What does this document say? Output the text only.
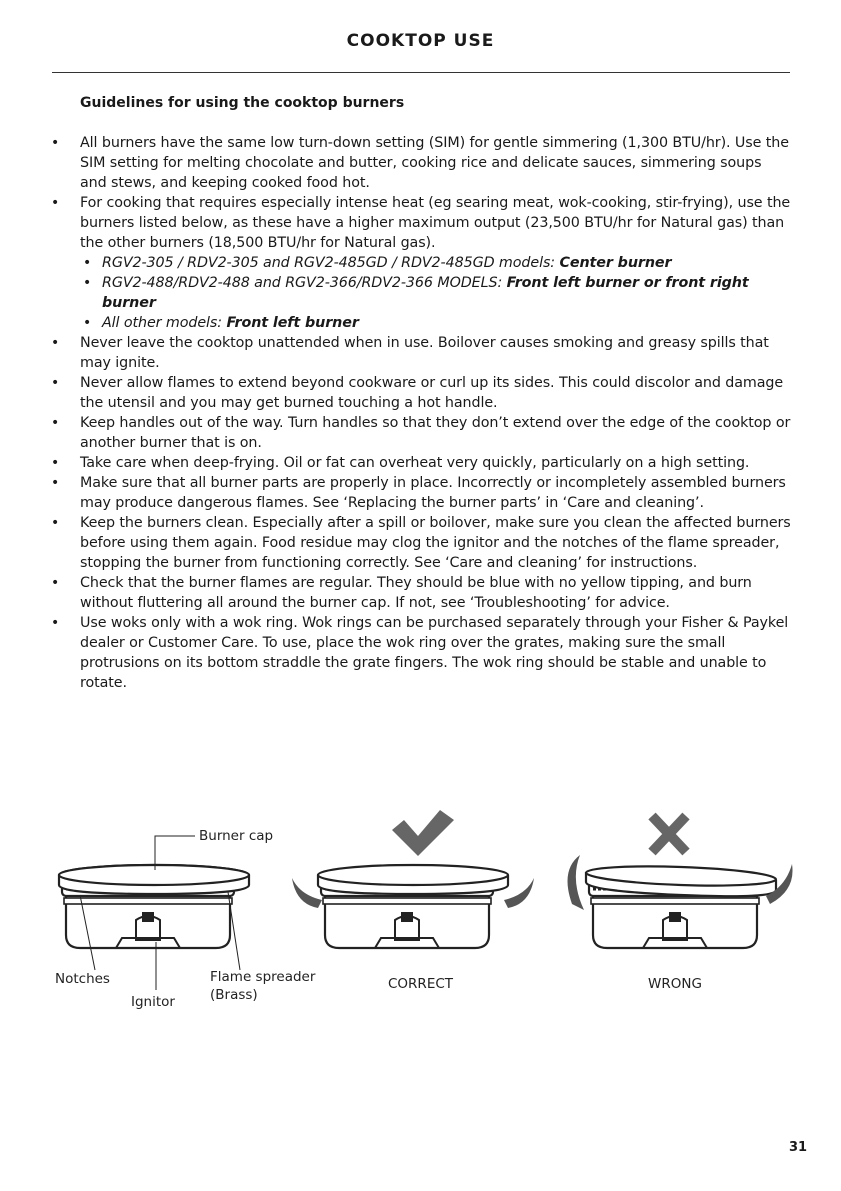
COOKTOP USE
Guidelines for using the cooktop burners

• All burners have the same low turn-down setting (SIM) for gentle simmering (1,300 BTU/hr). Use the SIM setting for melting chocolate and butter, cooking rice and delicate sauces, simmering soups and stews, and keeping cooked food hot.

• For cooking that requires especially intense heat (eg searing meat, wok-cooking, stir-frying), use the burners listed below, as these have a higher maximum output (23,500 BTU/hr for Natural gas) than the other burners (18,500 BTU/hr for Natural gas).

• RGV2-305 / RDV2-305 and RGV2-485GD / RDV2-485GD models: Center burner

• RGV2-488/RDV2-488 and RGV2-366/RDV2-366 MODELS: Front left burner or front right burner

• All other models: Front left burner

• Never leave the cooktop unattended when in use. Boilover causes smoking and greasy spills that may ignite.

• Never allow flames to extend beyond cookware or curl up its sides. This could discolor and damage the utensil and you may get burned touching a hot handle.

• Keep handles out of the way. Turn handles so that they don’t extend over the edge of the cooktop or another burner that is on.

• Take care when deep-frying. Oil or fat can overheat very quickly, particularly on a high setting.

• Make sure that all burner parts are properly in place. Incorrectly or incompletely assembled burners may produce dangerous flames. See ‘Replacing the burner parts’ in ‘Care and cleaning’.

• Keep the burners clean. Especially after a spill or boilover, make sure you clean the affected burners before using them again. Food residue may clog the ignitor and the notches of the flame spreader, stopping the burner from functioning correctly. See ‘Care and cleaning’ for instructions.

• Check that the burner flames are regular. They should be blue with no yellow tipping, and burn without fluttering all around the burner cap. If not, see ‘Troubleshooting’ for advice.

• Use woks only with a wok ring. Wok rings can be purchased separately through your Fisher & Paykel dealer or Customer Care. To use, place the wok ring over the grates, making sure the small protrusions on its bottom straddle the grate fingers. The wok ring should be stable and unable to rotate.

Burner cap
Notches
Ignitor
Flame spreader
(Brass)
CORRECT	WRONG
31
